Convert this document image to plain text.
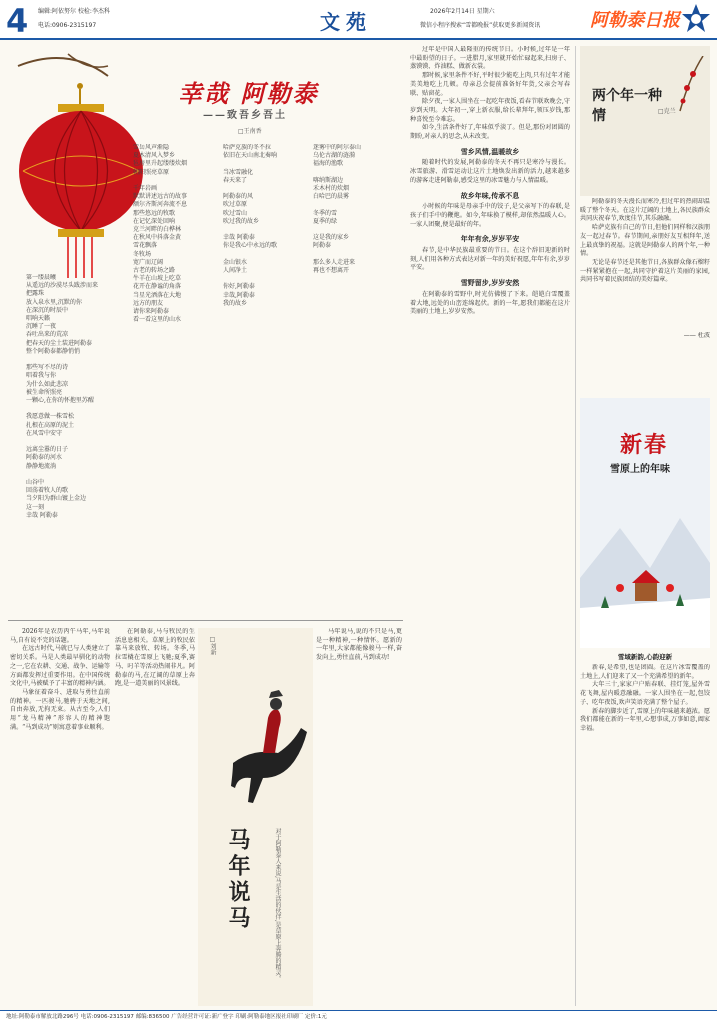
4 编辑:阿依努尔 校检:李杰科
电话:0906-2315197	文苑	2026年2月14日 星期六
微信小程序搜索“雪都晚报”获取更多新闻资讯	阿勒泰日报
幸哉 阿勒泰
——致吾乡吾土
□王南香
第一缕晨曦
从遥远的沙漠尽头跋涉而来
把露珠
放入泉水里,沉默的你
在深沉的时辰中
唱响天籁
沉睡了一夜
吞吐出来的荒凉
把春天的尘土装进阿勒泰
整个阿勒泰都静悄悄

那些写不尽的诗
唱着我与你
为什么如此悲凉
被生命所照亮
一颗心,在你的怀抱里苏醒

我愿意做一株雪松
扎根在高原的泥土
在风雪中安守

远离尘嚣的日子
阿勒泰的河水
静静地流淌

山谷中
回荡着牧人的歌
当夕阳为群山镀上金边
这一刻
幸哉 阿勒泰
雪岳风声渐隐
夏木清风入梦乡
毡房里升起缕缕炊烟
朝阳照亮草原

千年岩画
默默讲述远古的故事
额尔齐斯河奔流不息
那些悠远的牧歌
在记忆深处回响
克兰河畔的白桦林
在秋风中抖落金黄
雪花飘落
冬牧场
宽广而辽阔
古老的转场之路
牛羊在山坡上吃草
花开在静谧的角落
当星光洒落在大地
远方的朋友
请你来阿勒泰
看一看这里的山水
哈萨克族的冬不拉
依旧在天山南北奏响

当冰雪融化
春天来了

阿勒泰的风
吹过草原
吹过雪山
吹过我的故乡

幸哉 阿勒泰
你是我心中永远的歌

金山银水
人间净土

你好,阿勒泰
幸哉,阿勒泰
我的故乡
迷雾中的阿尔泰山
乌伦古湖的涟漪
福海的渔歌

喀纳斯湖边
禾木村的炊烟
白哈巴的晨雾

冬季的雪
夏季的绿

这是我的家乡
阿勒泰

那么多人走进来
再也不想离开

2026年是农历丙午马年,马年说马,自有说不完的话题。

在远古时代,马就已与人类建立了密切关系。马是人类最早驯化的动物之一,它在农耕、交通、战争、运输等方面都发挥过重要作用。在中国传统文化中,马被赋予了丰富的精神内涵。

马象征着奋斗、进取与勇往直前的精神。一匹骏马,驰骋于天地之间,自由奔放,无拘无束。从古至今,人们用“龙马精神”形容人的精神饱满。“马到成功”则寓意着事业顺利。

在阿勒泰,马与牧民的生活息息相关。草原上的牧民依靠马来放牧、转场。冬季,马拉雪橇在雪原上飞驰;夏季,赛马、叼羊等活动热闹非凡。阿勒泰的马,在辽阔的草原上奔跑,是一道美丽的风景线。

□刘新
马年说马	对于阿勒泰人来说,马是生活的伙伴,是草原上奔腾的精灵。

马年说马,说的不只是马,更是一种精神,一种情怀。愿新的一年里,大家都能像骏马一样,奋发向上,勇往直前,马到成功!

过年是中国人最隆重的传统节日。小时候,过年是一年中最盼望的日子。一进腊月,家里就开始忙碌起来,扫房子、蒸馍馍、炸油糕、做新衣裳。

那时候,家里条件不好,平时很少能吃上肉,只有过年才能美美地吃上几顿。母亲总会提前准备好年货,父亲会写春联、贴窗花。

除夕夜,一家人围坐在一起吃年夜饭,看春节联欢晚会,守岁到天明。大年初一,穿上新衣服,给长辈拜年,领压岁钱,那种喜悦至今难忘。

如今,生活条件好了,年味似乎淡了。但是,那份对团圆的期盼,对亲人的思念,从未改变。

雪乡风情,温暖故乡

随着时代的发展,阿勒泰的冬天不再只是寒冷与漫长。冰雪旅游、滑雪运动让这片土地焕发出新的活力,越来越多的游客走进阿勒泰,感受这里的冰雪魅力与人情温暖。

故乡年味,传承不息

小时候的年味是母亲手中的饺子,是父亲写下的春联,是孩子们手中的鞭炮。如今,年味换了模样,却依然温暖人心。一家人团聚,便是最好的年。

年年有余,岁岁平安

春节,是中华民族最重要的节日。在这个辞旧迎新的时刻,人们用各种方式表达对新一年的美好祝愿,年年有余,岁岁平安。

雪野留步,岁岁安然

在阿勒泰的雪野中,时光仿佛慢了下来。皑皑白雪覆盖着大地,远处的山峦连绵起伏。新的一年,愿我们都能在这片美丽的土地上,岁岁安然。

两个年一种情	□克兰

阿勒泰的冬天漫长而寒冷,但过年的热闹却温暖了整个冬天。在这片辽阔的土地上,各民族群众共同庆祝春节,欢度佳节,其乐融融。

哈萨克族有自己的节日,但他们同样和汉族朋友一起过春节。春节期间,亲朋好友互相拜年,送上最真挚的祝福。这就是阿勒泰人的两个年,一种情。

无论是春节还是其他节日,各族群众像石榴籽一样紧紧抱在一起,共同守护着这片美丽的家园,共同书写着民族团结的美好篇章。

—— 杜波
新春
雪原上的年味
雪域新韵,心韵迎新

新春,是希望,也是团圆。在这片冰雪覆盖的土地上,人们迎来了又一个充满希望的新年。

大年三十,家家户户贴春联、挂灯笼,屋外雪花飞舞,屋内暖意融融。一家人围坐在一起,包饺子、吃年夜饭,欢声笑语充满了整个屋子。

新春的脚步近了,雪原上的年味越来越浓。愿我们都能在新的一年里,心想事成,万事如意,阖家幸福。

地址:阿勒泰市解放北路296号 电话:0906-2315197 邮编:836500 广告经营许可证:新广登字 印刷:阿勒泰地区报社印刷厂 定价:1元
